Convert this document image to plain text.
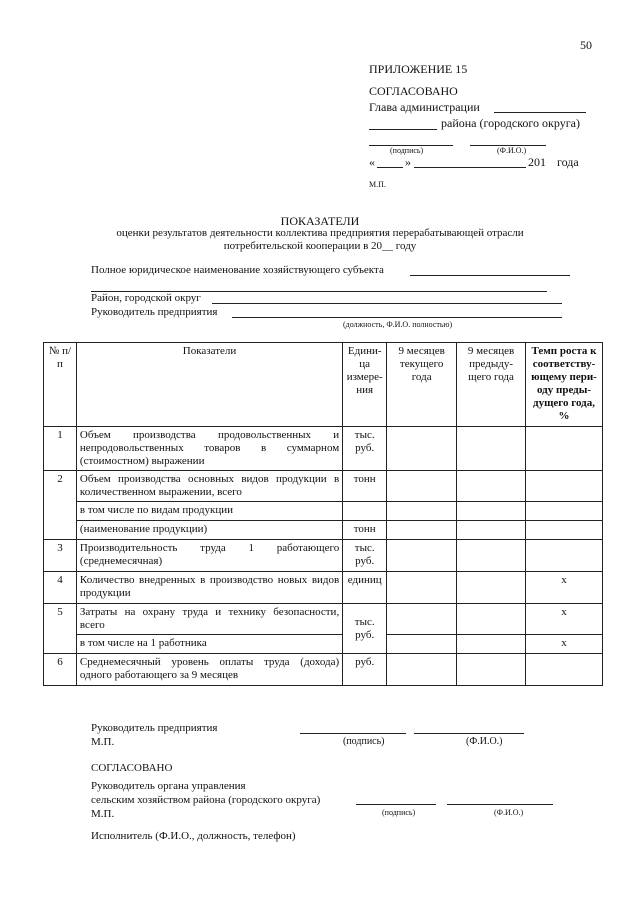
50
ПРИЛОЖЕНИЕ 15
СОГЛАСОВАНО
Глава администрации
района (городского округа)
(подпись)	(Ф.И.О.)
«	»	201 года
М.П.
ПОКАЗАТЕЛИ
оценки результатов деятельности коллектива предприятия перерабатывающей отрасли
потребительской кооперации в 20__ году
Полное юридическое наименование хозяйствующего субъекта
Район, городской округ
Руководитель предприятия
(должность, Ф.И.О. полностью)
№ п/п	Показатели	Едини-ца измере-ния	9 месяцев текущего года	9 месяцев предыду-щего года	Темп роста к соответству-ющему пери-оду преды-дущего года, %
1	Объем производства продовольственных и непродовольственных товаров в суммарном (стоимостном) выражении	тыс. руб.			
2	Объем производства основных видов продукции в количественном выражении, всего	тонн			
	в том числе по видам продукции				
	(наименование продукции)	тонн			
3	Производительность труда 1 работающего (среднемесячная)	тыс. руб.			
4	Количество внедренных в производство новых видов продукции	единиц			х
5	Затраты на охрану труда и технику безопасности, всего	тыс. руб.			х
	в том числе на 1 работника				х
6	Среднемесячный уровень оплаты труда (дохода) одного работающего за 9 месяцев	руб.			
Руководитель предприятия
М.П.	(подпись)	(Ф.И.О.)
СОГЛАСОВАНО
Руководитель органа управления
сельским хозяйством района (городского округа)
М.П.	(подпись)	(Ф.И.О.)
Исполнитель (Ф.И.О., должность, телефон)
